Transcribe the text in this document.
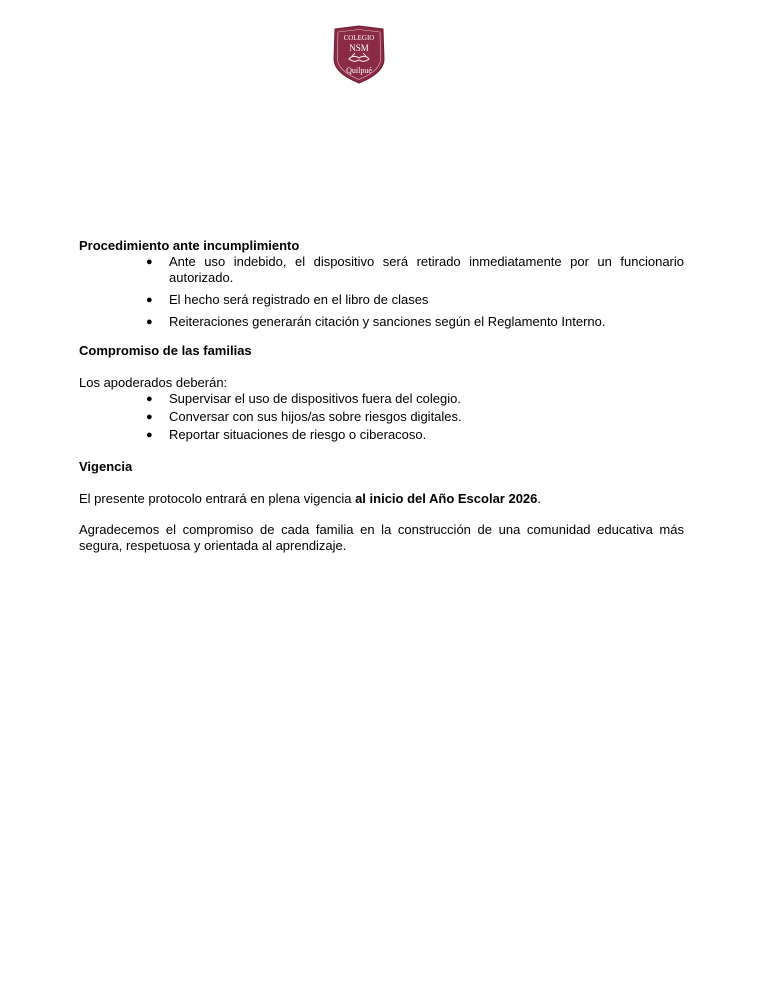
COLEGIO
NSM
Quilpué

Procedimiento ante incumplimiento

● Ante uso indebido, el dispositivo será retirado inmediatamente por un funcionario autorizado.
● El hecho será registrado en el libro de clases
● Reiteraciones generarán citación y sanciones según el Reglamento Interno.

Compromiso de las familias

Los apoderados deberán:

● Supervisar el uso de dispositivos fuera del colegio.
● Conversar con sus hijos/as sobre riesgos digitales.
● Reportar situaciones de riesgo o ciberacoso.

Vigencia

El presente protocolo entrará en plena vigencia al inicio del Año Escolar 2026.

Agradecemos el compromiso de cada familia en la construcción de una comunidad educativa más segura, respetuosa y orientada al aprendizaje.
